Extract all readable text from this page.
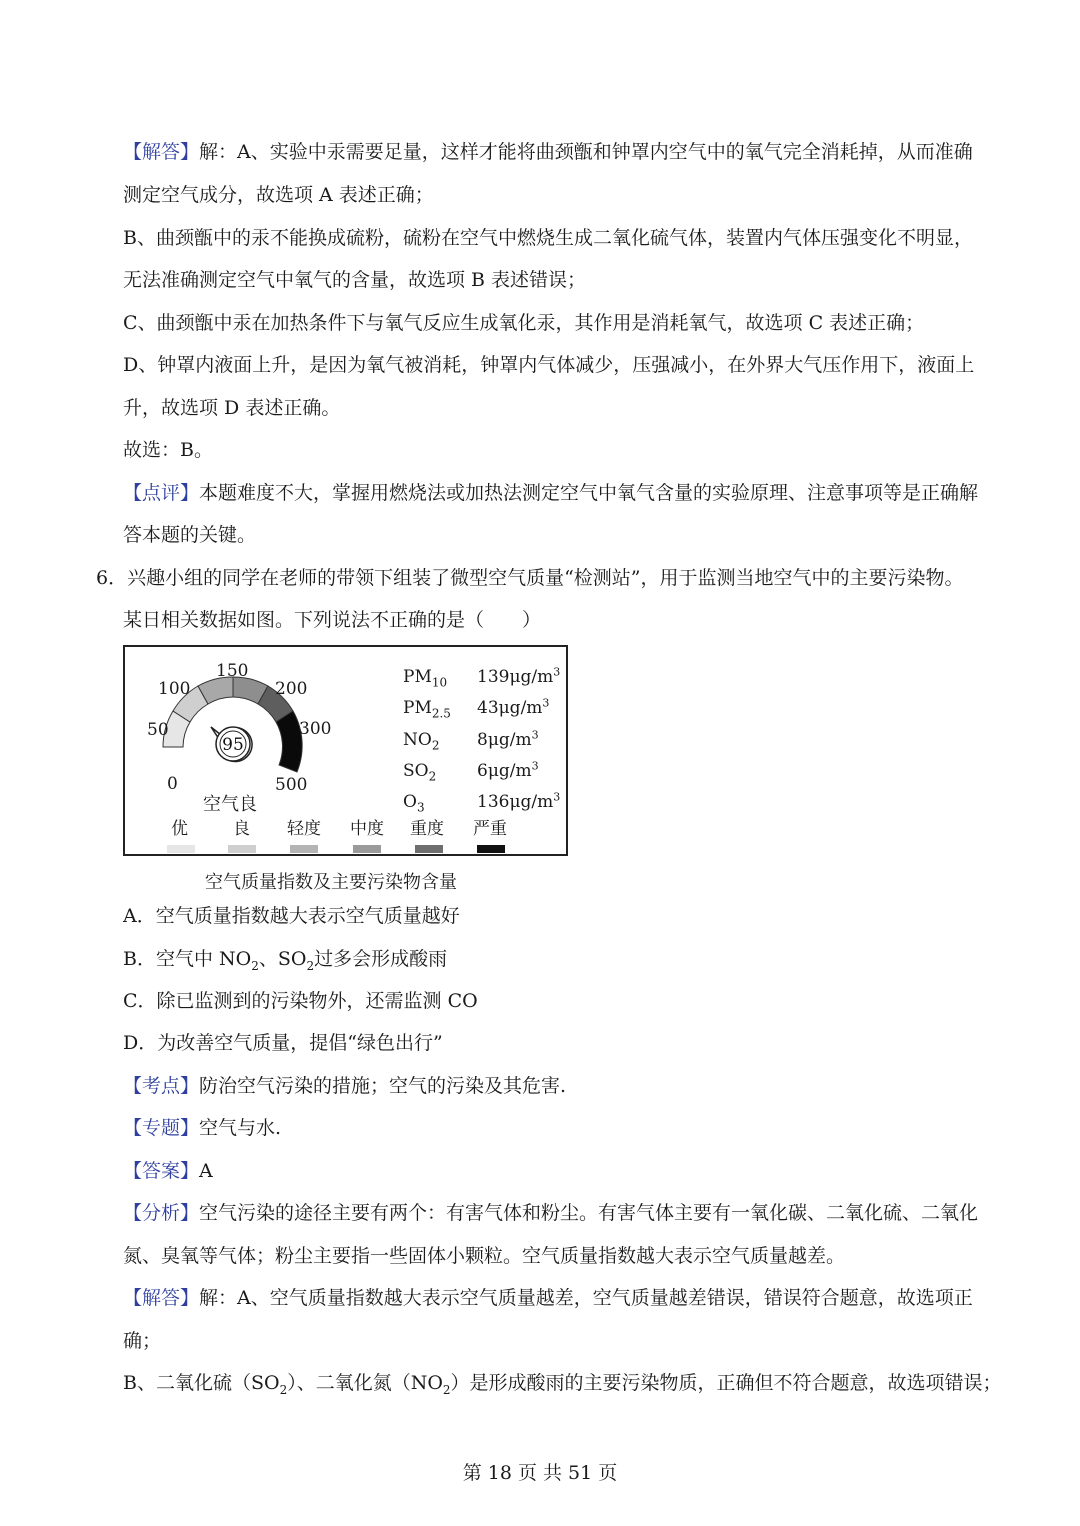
【解答】解：A、实验中汞需要足量，这样才能将曲颈甑和钟罩内空气中的氧气完全消耗掉，从而准确
测定空气成分，故选项 A 表述正确；
B、曲颈甑中的汞不能换成硫粉，硫粉在空气中燃烧生成二氧化硫气体，装置内气体压强变化不明显，
无法准确测定空气中氧气的含量，故选项 B 表述错误；
C、曲颈甑中汞在加热条件下与氧气反应生成氧化汞，其作用是消耗氧气，故选项 C 表述正确；
D、钟罩内液面上升，是因为氧气被消耗，钟罩内气体减少，压强减小，在外界大气压作用下，液面上
升，故选项 D 表述正确。
故选：B。
【点评】本题难度不大，掌握用燃烧法或加热法测定空气中氧气含量的实验原理、注意事项等是正确解
答本题的关键。
6．兴趣小组的同学在老师的带领下组装了微型空气质量“检测站”，用于监测当地空气中的主要污染物。
某日相关数据如图。下列说法不正确的是（　　）
95
0
50
100
150
200
300
500
空气良
$PM_{10}$ $139\mu g/m^3$
$PM_{2.5}$ $43\mu g/m^3$
$NO_2$ $8\mu g/m^3$
$SO_2$ $6\mu g/m^3$
$O_3$	$136\mu g/m^3$
优	良 轻度 中度 重度 严重
空气质量指数及主要污染物含量
A．空气质量指数越大表示空气质量越好
B．空气中 $NO_2$、$SO_2$过多会形成酸雨
C．除已监测到的污染物外，还需监测 CO
D．为改善空气质量，提倡“绿色出行”
【考点】防治空气污染的措施；空气的污染及其危害.
【专题】空气与水.
【答案】A
【分析】空气污染的途径主要有两个：有害气体和粉尘。有害气体主要有一氧化碳、二氧化硫、二氧化
氮、臭氧等气体；粉尘主要指一些固体小颗粒。空气质量指数越大表示空气质量越差。
【解答】解：A、空气质量指数越大表示空气质量越差，空气质量越差错误，错误符合题意，故选项正
确；
B、二氧化硫$(SO_2)$、二氧化氮$(NO_2)$是形成酸雨的主要污染物质，正确但不符合题意，故选项错误；
第 18 页 共 51 页
